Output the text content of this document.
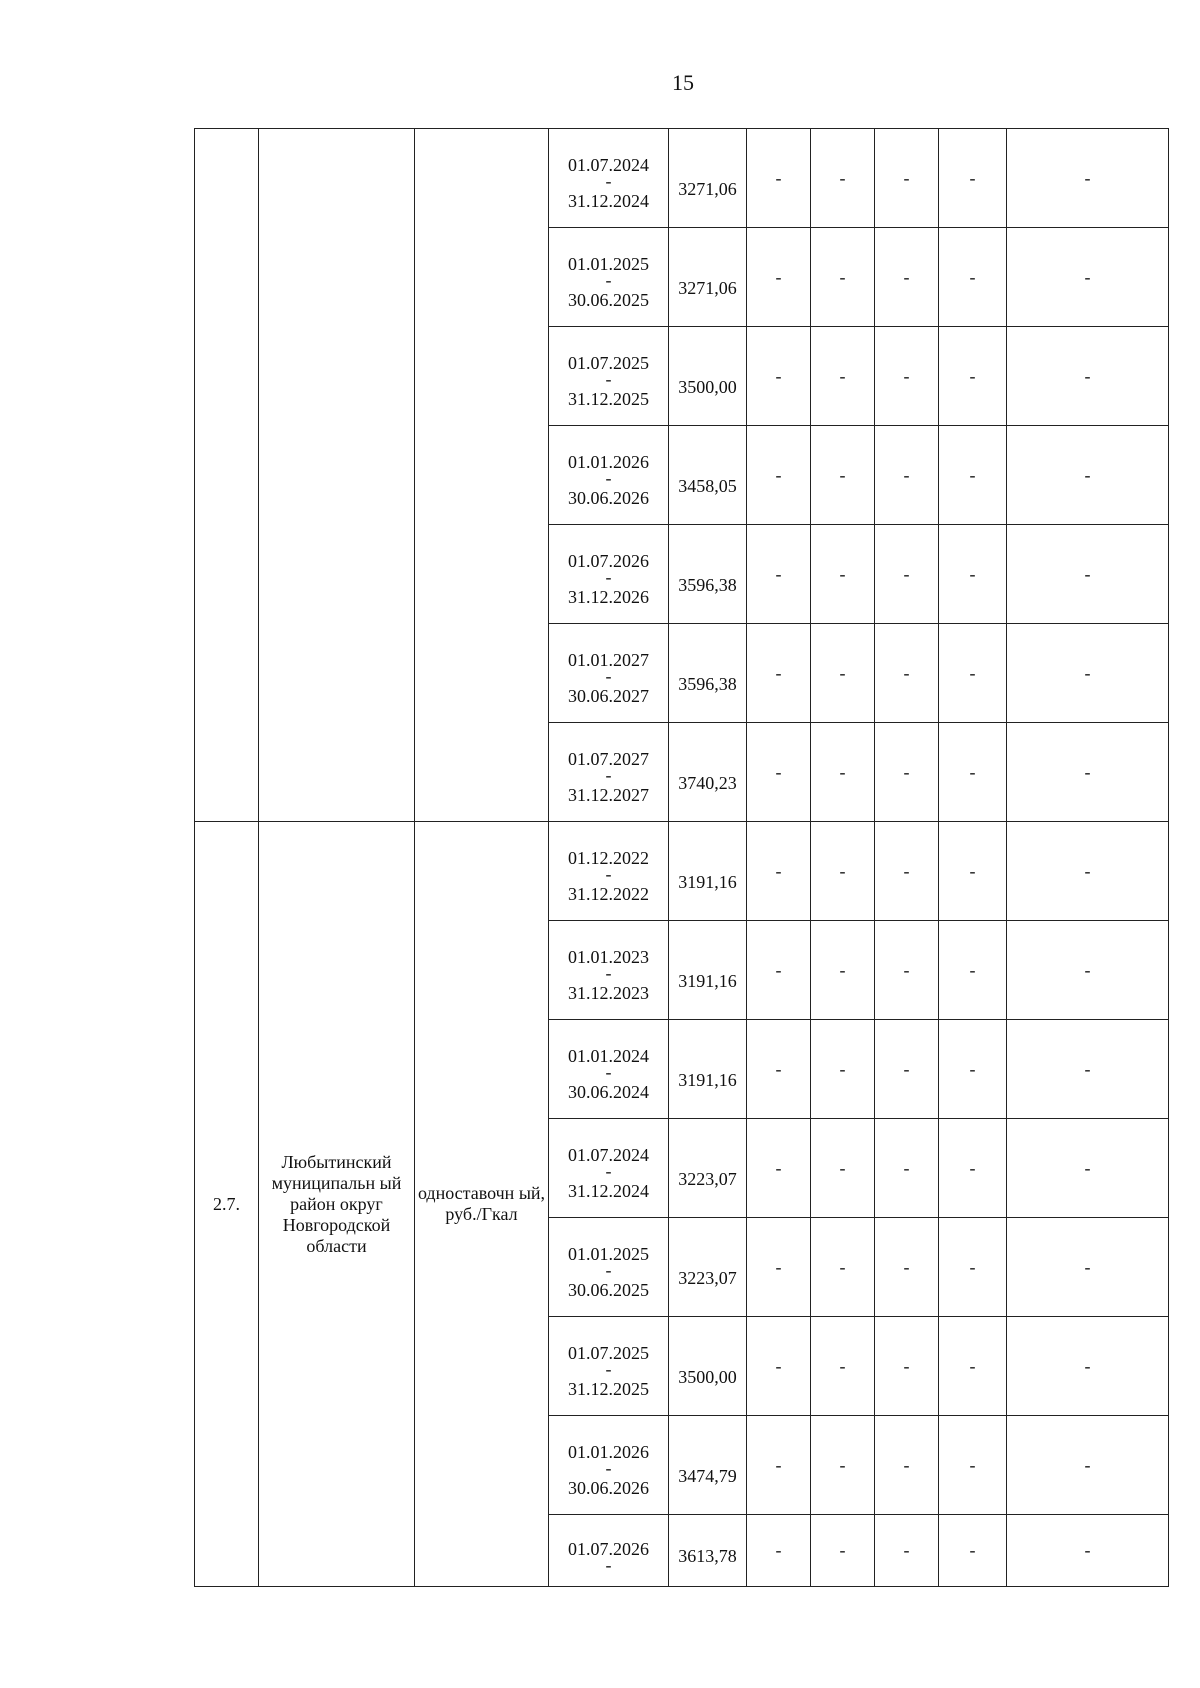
15

			01.07.2024
-
31.12.2024	3271,06	-	-	-	-	-

			01.01.2025
-
30.06.2025	3271,06	-	-	-	-	-

			01.07.2025
-
31.12.2025	3500,00	-	-	-	-	-

			01.01.2026
-
30.06.2026	3458,05	-	-	-	-	-

			01.07.2026
-
31.12.2026	3596,38	-	-	-	-	-

			01.01.2027
-
30.06.2027	3596,38	-	-	-	-	-

			01.07.2027
-
31.12.2027	3740,23	-	-	-	-	-
2.7.	Любытинский муниципальн ый район округ Новгородской области	одноставочн ый, руб./Гкал	01.12.2022
-
31.12.2022	3191,16	-	-	-	-	-

			01.01.2023
-
31.12.2023	3191,16	-	-	-	-	-

			01.01.2024
-
30.06.2024	3191,16	-	-	-	-	-

			01.07.2024
-
31.12.2024	3223,07	-	-	-	-	-

			01.01.2025
-
30.06.2025	3223,07	-	-	-	-	-

			01.07.2025
-
31.12.2025	3500,00	-	-	-	-	-

			01.01.2026
-
30.06.2026	3474,79	-	-	-	-	-

			01.07.2026
-	3613,78	-	-	-	-	-
